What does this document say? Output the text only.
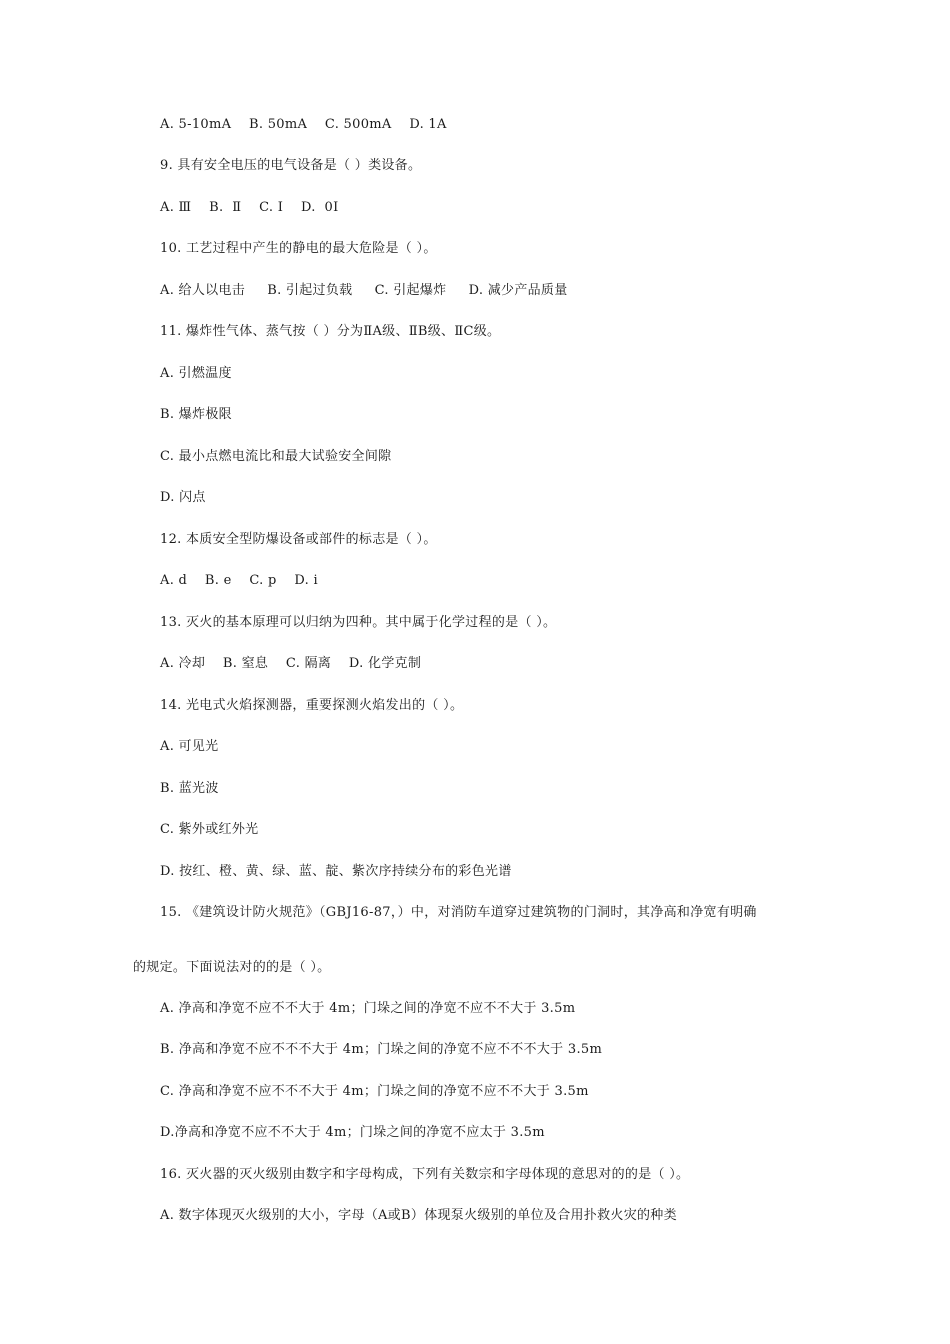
A. 5-10mA    B. 50mA    C. 500mA    D. 1A
9. 具有安全电压的电气设备是（ ）类设备。
A. Ⅲ    B.  Ⅱ    C. Ⅰ    D.  0Ⅰ
10. 工艺过程中产生的静电的最大危险是（ ）。
A. 给人以电击     B. 引起过负载     C. 引起爆炸     D. 减少产品质量
11. 爆炸性气体、蒸气按（ ）分为ⅡA级、ⅡB级、ⅡC级。
A. 引燃温度
B. 爆炸极限
C. 最小点燃电流比和最大试验安全间隙
D. 闪点
12. 本质安全型防爆设备或部件的标志是（ ）。
A. d    B. e    C. p    D. i
13. 灭火的基本原理可以归纳为四种。其中属于化学过程的是（ ）。
A. 冷却    B. 窒息    C. 隔离    D. 化学克制
14. 光电式火焰探测器，重要探测火焰发出的（ ）。
A. 可见光
B. 蓝光波
C. 紫外或红外光
D. 按红、橙、黄、绿、蓝、靛、紫次序持续分布的彩色光谱
15. 《建筑设计防火规范》（GBJ16-87，）中，对消防车道穿过建筑物的门洞时，其净高和净宽有明确
的规定。下面说法对的的是（ ）。
A. 净高和净宽不应不不大于 4m；门垛之间的净宽不应不不大于 3.5m
B. 净高和净宽不应不不不大于 4m；门垛之间的净宽不应不不不大于 3.5m
C. 净高和净宽不应不不不大于 4m；门垛之间的净宽不应不不大于 3.5m
D.净高和净宽不应不不大于 4m；门垛之间的净宽不应太于 3.5m
16. 灭火器的灭火级别由数字和字母构成，下列有关数宗和字母体现的意思对的的是（ ）。
A. 数字体现灭火级别的大小，字母（A或B）体现泵火级别的单位及合用扑救火灾的种类
